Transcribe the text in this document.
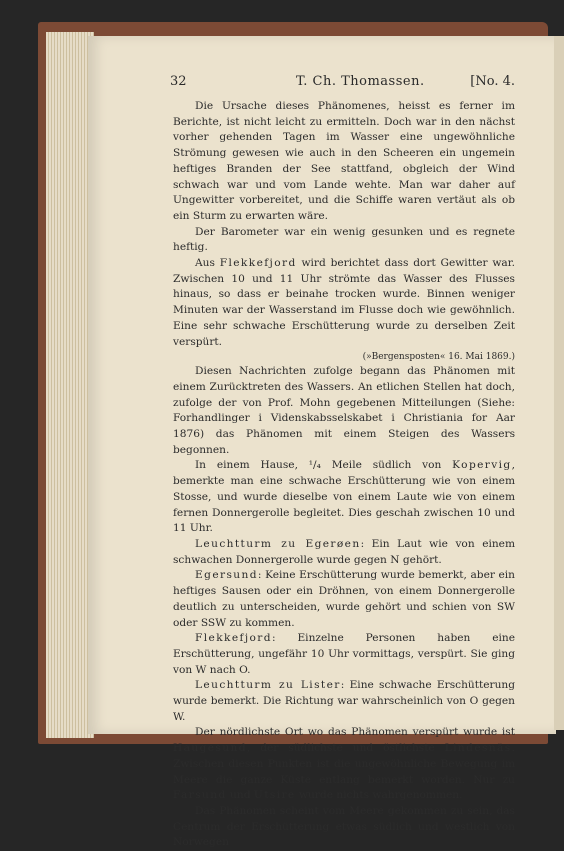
32	T. Ch. Thomassen.	[No. 4.

Die Ursache dieses Phänomenes, heisst es ferner im Berichte, ist nicht leicht zu ermitteln. Doch war in den nächst vorher gehenden Tagen im Wasser eine ungewöhnliche Strömung gewesen wie auch in den Scheeren ein ungemein heftiges Branden der See stattfand, obgleich der Wind schwach war und vom Lande wehte. Man war daher auf Ungewitter vorbereitet, und die Schiffe waren vertäut als ob ein Sturm zu erwarten wäre.

Der Barometer war ein wenig gesunken und es regnete heftig.

Aus Flekkefjord wird berichtet dass dort Gewitter war. Zwischen 10 und 11 Uhr strömte das Wasser des Flusses hinaus, so dass er beinahe trocken wurde. Binnen weniger Minuten war der Wasserstand im Flusse doch wie gewöhnlich. Eine sehr schwache Erschütterung wurde zu derselben Zeit verspürt.

(»Bergensposten« 16. Mai 1869.)

Diesen Nachrichten zufolge begann das Phänomen mit einem Zurücktreten des Wassers. An etlichen Stellen hat doch, zufolge der von Prof. Mohn gegebenen Mitteilungen (Siehe: Forhandlinger i Videnskabsselskabet i Christiania for Aar 1876) das Phänomen mit einem Steigen des Wassers begonnen.

In einem Hause, ¹/₄ Meile südlich von Kopervig, bemerkte man eine schwache Erschütterung wie von einem Stosse, und wurde dieselbe von einem Laute wie von einem fernen Donnergerolle begleitet. Dies geschah zwischen 10 und 11 Uhr.

Leuchtturm zu Egerøen: Ein Laut wie von einem schwachen Donnergerolle wurde gegen N gehört.

Egersund: Keine Erschütterung wurde bemerkt, aber ein heftiges Sausen oder ein Dröhnen, von einem Donnergerolle deutlich zu unterscheiden, wurde gehört und schien von SW oder SSW zu kommen.

Flekkefjord: Einzelne Personen haben eine Erschütterung, ungefähr 10 Uhr vormittags, verspürt. Sie ging von W nach O.

Leuchtturm zu Lister: Eine schwache Erschütterung wurde bemerkt. Die Richtung war wahrscheinlich von O gegen W.

Der nördlichste Ort wo das Phänomen verspürt wurde ist Haugesund, der südlichste und östlichste Lindesnäs. Zwischen diesen Punkten ist die ungewöhnliche Bewegung im Meere die ganze Küste entlang bemerkt worden. Nur zu Farsund und Utsire wurde nichts wahrgenommen.

Das Phänomen scheint vom Meere gekommen zu sein, das Centrum der Erschütterung etwas südlich und westlich von Norwegen
